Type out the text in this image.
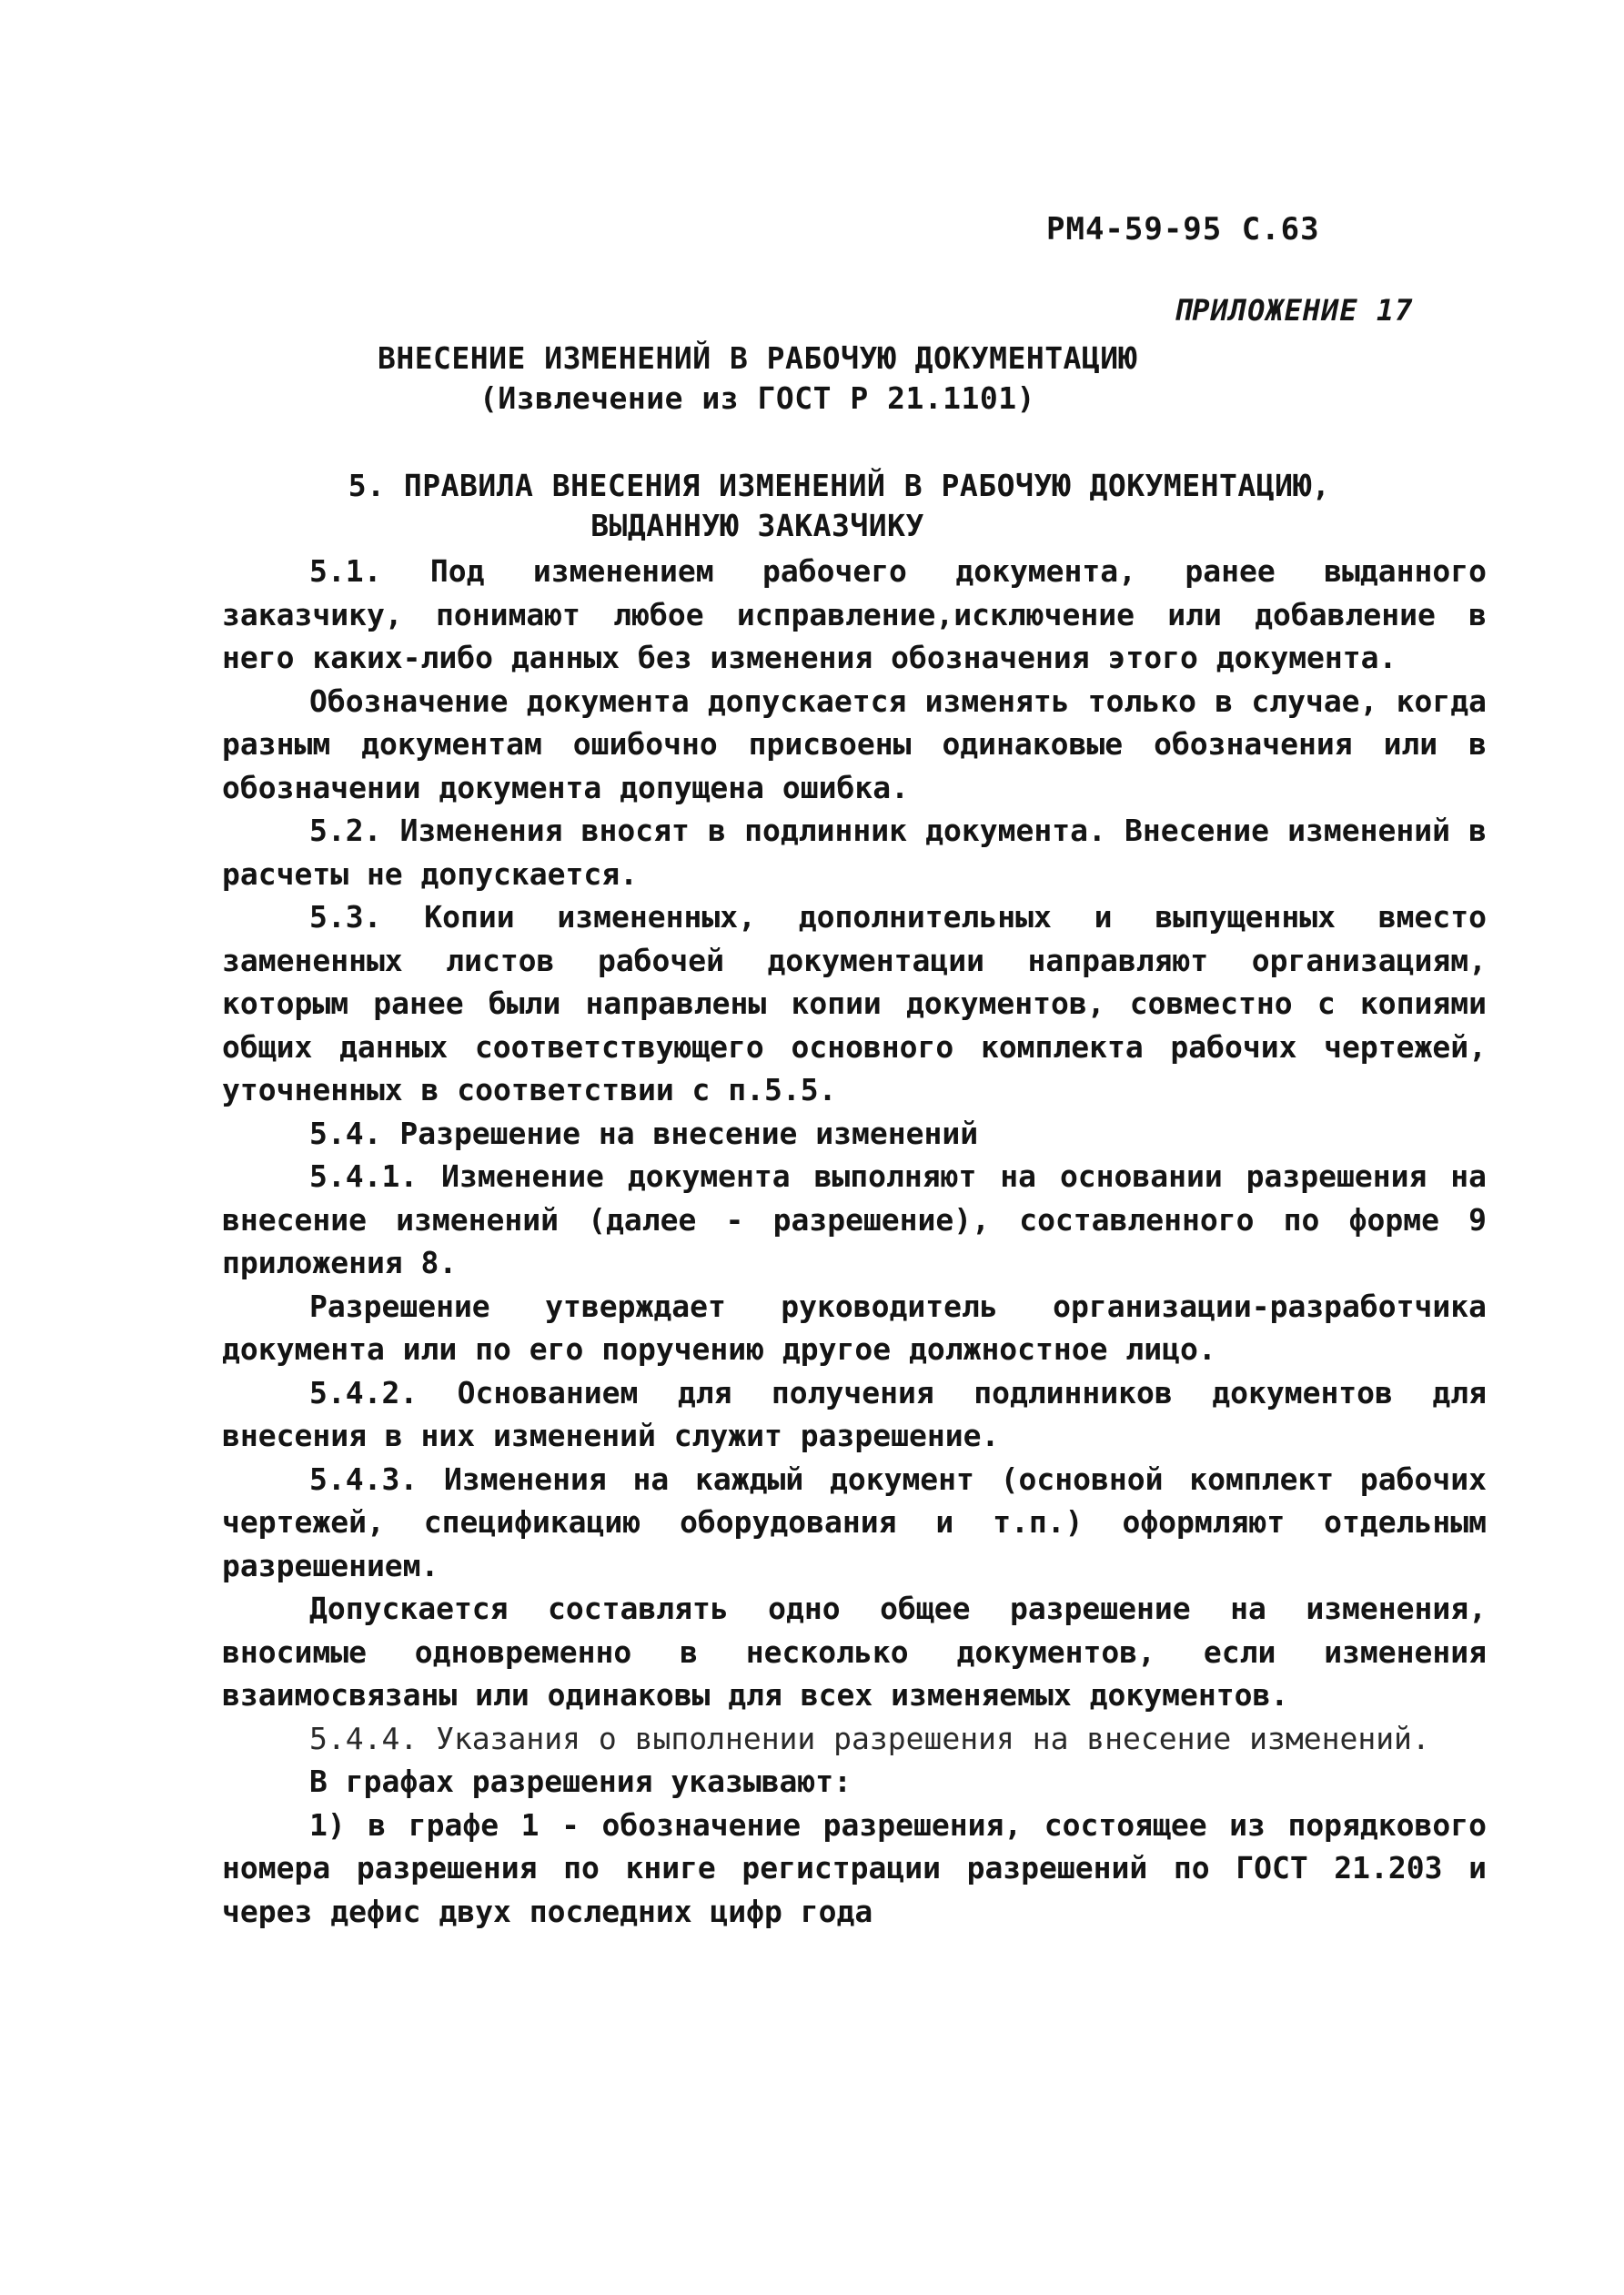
РМ4-59-95 С.63
ПРИЛОЖЕНИЕ 17
ВНЕСЕНИЕ ИЗМЕНЕНИЙ В РАБОЧУЮ ДОКУМЕНТАЦИЮ
(Извлечение из ГОСТ Р 21.1101)
5. ПРАВИЛА ВНЕСЕНИЯ ИЗМЕНЕНИЙ В РАБОЧУЮ ДОКУМЕНТАЦИЮ,
ВЫДАННУЮ ЗАКАЗЧИКУ

5.1. Под изменением рабочего документа, ранее выданного заказчику, понимают любое исправление,исключение или добавление в него каких-либо данных без изменения обозначения этого документа.

Обозначение документа допускается изменять только в случае, когда разным документам ошибочно присвоены одинаковые обозначения или в обозначении документа допущена ошибка.

5.2. Изменения вносят в подлинник документа. Внесение изменений в расчеты не допускается.

5.3. Копии измененных, дополнительных и выпущенных вместо замененных листов рабочей документации направляют организациям, которым ранее были направлены копии документов, совместно с копиями общих данных соответствующего основного комплекта рабочих чертежей, уточненных в соответствии с п.5.5.

5.4. Разрешение на внесение изменений

5.4.1. Изменение документа выполняют на основании разрешения на внесение изменений (далее - разрешение), составленного по форме 9 приложения 8.

Разрешение утверждает руководитель организации-разработчика документа или по его поручению другое должностное лицо.

5.4.2. Основанием для получения подлинников документов для внесения в них изменений служит разрешение.

5.4.3. Изменения на каждый документ (основной комплект рабочих чертежей, спецификацию оборудования и т.п.) оформляют отдельным разрешением.

Допускается составлять одно общее разрешение на изменения, вносимые одновременно в несколько документов, если изменения взаимосвязаны или одинаковы для всех изменяемых документов.

5.4.4. Указания о выполнении разрешения на внесение изменений.

В графах разрешения указывают:

1) в графе 1 - обозначение разрешения, состоящее из порядкового номера разрешения по книге регистрации разрешений по ГОСТ 21.203 и через дефис двух последних цифр года
